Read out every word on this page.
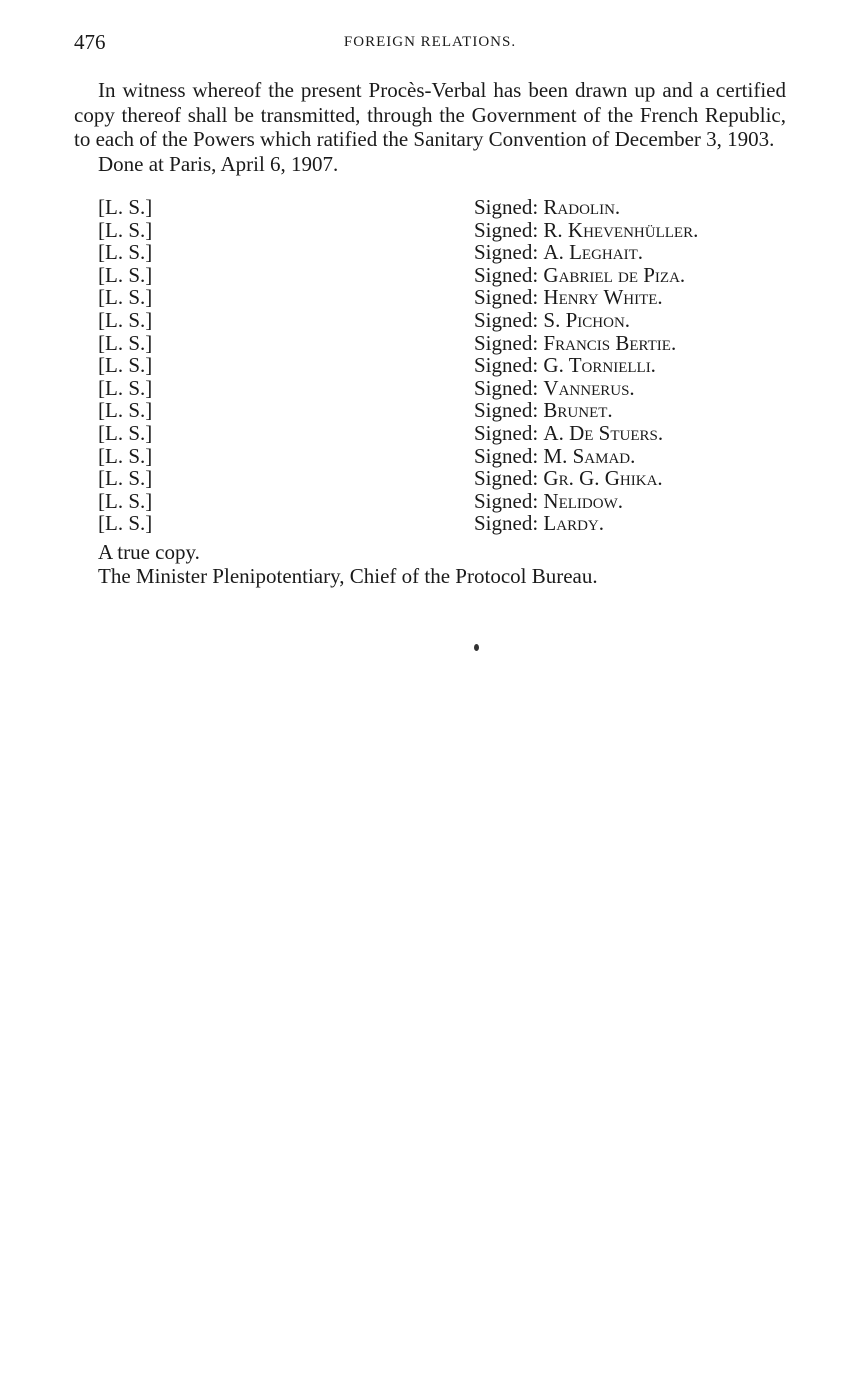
476	FOREIGN RELATIONS.

In witness whereof the present Procès-Verbal has been drawn up and a certified copy thereof shall be transmitted, through the Government of the French Republic, to each of the Powers which ratified the Sanitary Convention of December 3, 1903.

Done at Paris, April 6, 1907.

[L. S.]	Signed: Radolin.
[L. S.]	Signed: R. Khevenhüller.
[L. S.]	Signed: A. Leghait.
[L. S.]	Signed: Gabriel de Piza.
[L. S.]	Signed: Henry White.
[L. S.]	Signed: S. Pichon.
[L. S.]	Signed: Francis Bertie.
[L. S.]	Signed: G. Tornielli.
[L. S.]	Signed: Vannerus.
[L. S.]	Signed: Brunet.
[L. S.]	Signed: A. De Stuers.
[L. S.]	Signed: M. Samad.
[L. S.]	Signed: Gr. G. Ghika.
[L. S.]	Signed: Nelidow.
[L. S.]	Signed: Lardy.

A true copy.

The Minister Plenipotentiary, Chief of the Protocol Bureau.
